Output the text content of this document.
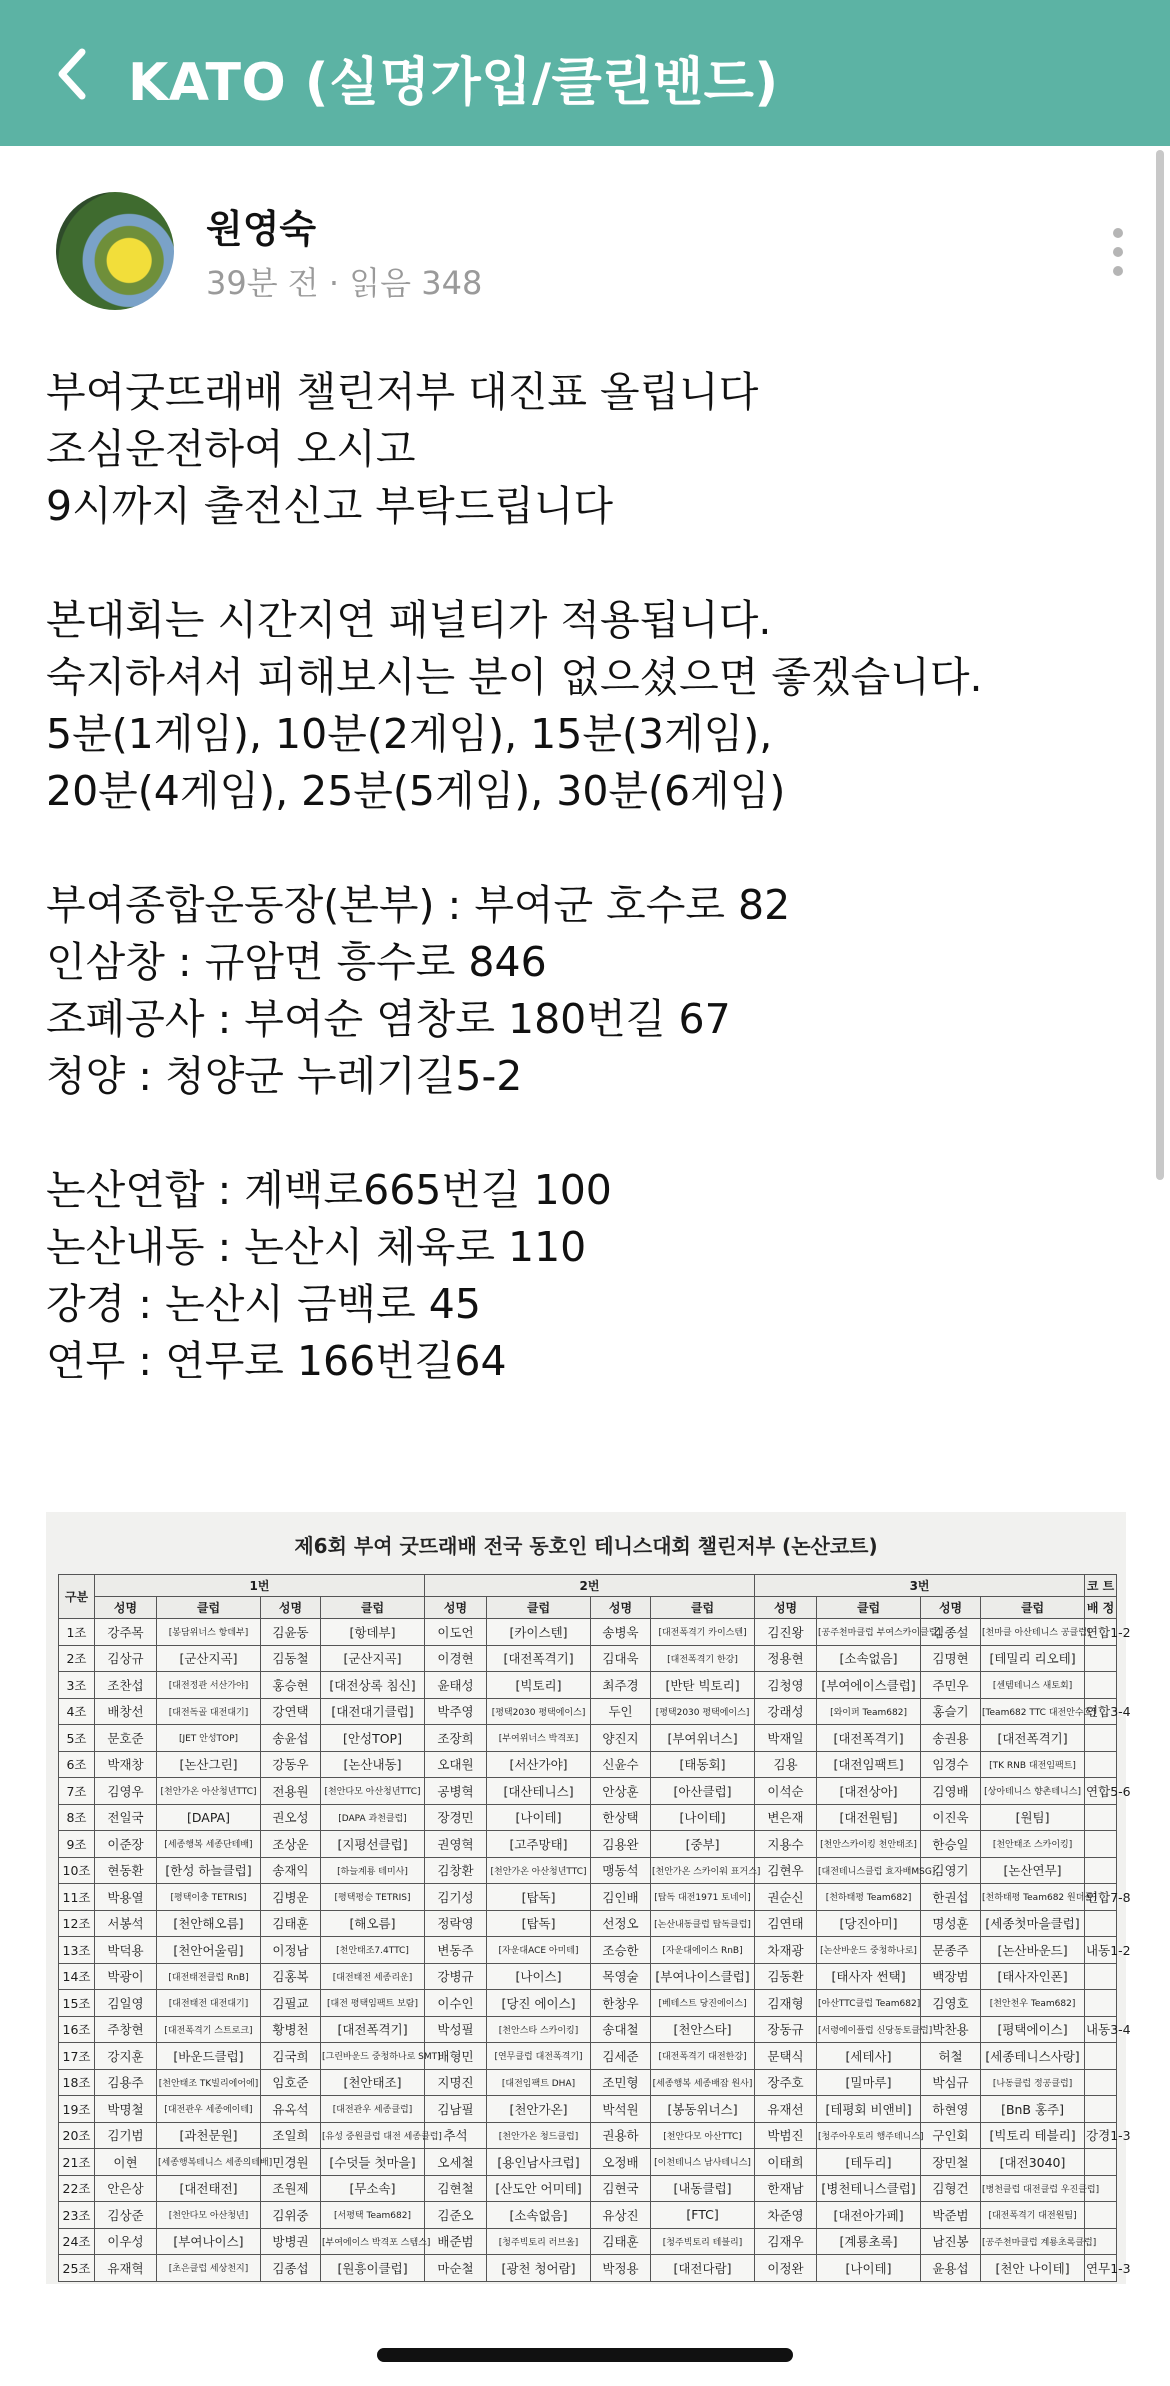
KATO (실명가입/클린밴드)
원영숙
39분 전 · 읽음 348
부여굿뜨래배 챌린저부 대진표 올립니다
조심운전하여 오시고
9시까지 출전신고 부탁드립니다
본대회는 시간지연 패널티가 적용됩니다.
숙지하셔서 피해보시는 분이 없으셨으면 좋겠습니다.
5분(1게임), 10분(2게임), 15분(3게임),
20분(4게임), 25분(5게임), 30분(6게임)
부여종합운동장(본부) : 부여군 호수로 82
인삼창 : 규암면 흥수로 846
조폐공사 : 부여순 염창로 180번길 67
청양 : 청양군 누레기길5-2
논산연합 : 계백로665번길 100
논산내동 : 논산시 체육로 110
강경 : 논산시 금백로 45
연무 : 연무로 166번길64
제6회 부여 굿뜨래배 전국 동호인 테니스대회 챌린저부 (논산코트)
구분	1번				2번				3번				코 트
	성명	클럽	성명	클럽	성명	클럽	성명	클럽	성명	클럽	성명	클럽	배 정
1조	강주목	[봉담위너스 항데부]	김윤동	[항데부]	이도언	[카이스텐]	송병욱	[대전폭격기 카이스텐]	김진왕	[공주천마클럽 부여스카이클럽]	김종설	[천마클 아산테니스 공클럽]	연합1-2
2조	김상규	[군산지곡]	김동철	[군산지곡]	이경현	[대전폭격기]	김대욱	[대전폭격기 한강]	정용현	[소속없음]	김명현	[테밀리 리오테]	
3조	조찬섭	[대전정관 서산가야]	홍승현	[대전상록 침신]	윤태성	[빅토리]	최주경	[반탄 빅토리]	김청영	[부여에이스클럽]	주민우	[센템테니스 새토회]	
4조	배창선	[대전독골 대전대기]	강연택	[대전대기클럽]	박주영	[평택2030 평택에이스]	두인	[평택2030 평택에이스]	강래성	[와이퍼 Team682]	홍슬기	[Team682 TTC 대전안수호]	연합3-4
5조	문호준	[JET 안성TOP]	송윤섭	[안성TOP]	조장희	[부여위너스 박격포]	양진지	[부여위너스]	박재일	[대전폭격기]	송권용	[대전폭격기]	
6조	박재창	[논산그린]	강동우	[논산내동]	오대원	[서산가야]	신윤수	[태동회]	김용	[대전임팩트]	임경수	[TK RNB 대전임팩트]	
7조	김영우	[천안가온 아산청년TTC]	전용원	[천안다모 아산청년TTC]	공병혁	[대산테니스]	안상훈	[아산클럽]	이석순	[대전상아]	김영배	[상아테니스 향촌테니스]	연합5-6
8조	전일국	[DAPA]	권오성	[DAPA 과천클럽]	장경민	[나이테]	한상택	[나이테]	변은재	[대전원팀]	이진욱	[원팀]	
9조	이준장	[세종행복 세종단테배]	조상운	[지평선클럽]	권영혁	[고주망태]	김용완	[중부]	지용수	[천안스카이킹 천안태조]	한승일	[천안태조 스카이킹]	
10조	현동환	[한성 하늘클럽]	송재익	[하늘계룡 테미사]	김창환	[천안가온 아산청년TTC]	맹동석	[천안가온 스카이워 표거스]	김현우	[대전테니스클럽 효자배MSG]	김영기	[논산연무]	
11조	박용열	[평택이충 TETRIS]	김병운	[평택평승 TETRIS]	김기성	[탑독]	김인배	[탑독 대전1971 토네이]	권순신	[천하태평 Team682]	한권섭	[천하태평 Team682 원더폴]	연합7-8
12조	서봉석	[천안해오름]	김태훈	[해오름]	정락영	[탑독]	선정오	[논산내동클럽 탑독클럽]	김연태	[당진아미]	명성훈	[세종첫마을클럽]	
13조	박덕용	[천안어울림]	이정남	[천안태조7.4TTC]	변동주	[자운대ACE 아미테]	조승한	[자운대에이스 RnB]	차재광	[논산바운드 중청하나로]	문종주	[논산바운드]	내동1-2
14조	박광이	[대전태전클럽 RnB]	김홍복	[대전태전 세종리운]	강병규	[나이스]	목영술	[부여나이스클럽]	김동환	[태사자 썬택]	백장범	[태사자인폰]	
15조	김일영	[대전태전 대전대기]	김필교	[대전 평택임팩트 보람]	이수인	[당진 에이스]	한창우	[베테스트 당진에이스]	김재형	[아산TTC클럽 Team682]	김영호	[천안천우 Team682]	
16조	주창현	[대전폭격기 스트로크]	황병천	[대전폭격기]	박성필	[천안스타 스카이킹]	송대철	[천안스타]	장동규	[서령에이플럽 신당동토클럽]	박찬용	[평택에이스]	내동3-4
17조	강지훈	[바운드클럽]	김국희	[그린바운드 중청하나로 SMT]	배형민	[연무클럽 대전폭격기]	김세준	[대전폭격기 대전한강]	문택식	[세테사]	허철	[세종테니스사랑]	
18조	김용주	[천안태조 TK빌리에어에]	임호준	[천안태조]	지명진	[대전임팩트 DHA]	조민형	[세종행복 세종배잡 원사]	장주호	[밀마루]	박심규	[나동클럽 정공클럽]	
19조	박명철	[대전관우 세종에이테]	유옥석	[대전관우 세종클럽]	김남필	[천안가온]	박석원	[봉동위너스]	유재선	[테평회 비앤비]	하현영	[BnB 홍주]	
20조	김기범	[과천문원]	조일희	[유성 중원클럽 대전 세종클럽]	추석	[천안가온 청드클럽]	권용하	[천안다모 아산TTC]	박범진	[청주아우토리 행주테니스]	구인회	[빅토리 테블리]	강경1-3
21조	이현	[세종행복테니스 세종의테배]	민경원	[수덧들 첫마을]	오세철	[용인남사크럽]	오정배	[이천테니스 남사테니스]	이태희	[테두리]	장민철	[대전3040]	
22조	안은상	[대전태전]	조원제	[무소속]	김현철	[산도안 어미테]	김현국	[내동클럽]	한재남	[병천테니스클럽]	김형건	[병천클럽 대전클럽 우진클럽]	
23조	김상준	[천안다모 아산청년]	김위중	[서평택 Team682]	김준오	[소속없음]	유상진	[FTC]	차준영	[대전아가페]	박준범	[대전폭격기 대전원팀]	
24조	이우성	[부여나이스]	방병권	[부여에이스 박격포 스템스]	배준범	[청주빅토리 러브올]	김태훈	[청주빅토리 테블리]	김재우	[계룡초록]	남진봉	[공주천마클럽 계룡초록클럽]	
25조	유재혁	[초은클럽 세상천지]	김종섭	[원흥이클럽]	마순철	[광천 청어람]	박정용	[대전다람]	이정완	[나이테]	윤용섭	[천안 나이테]	연무1-3
